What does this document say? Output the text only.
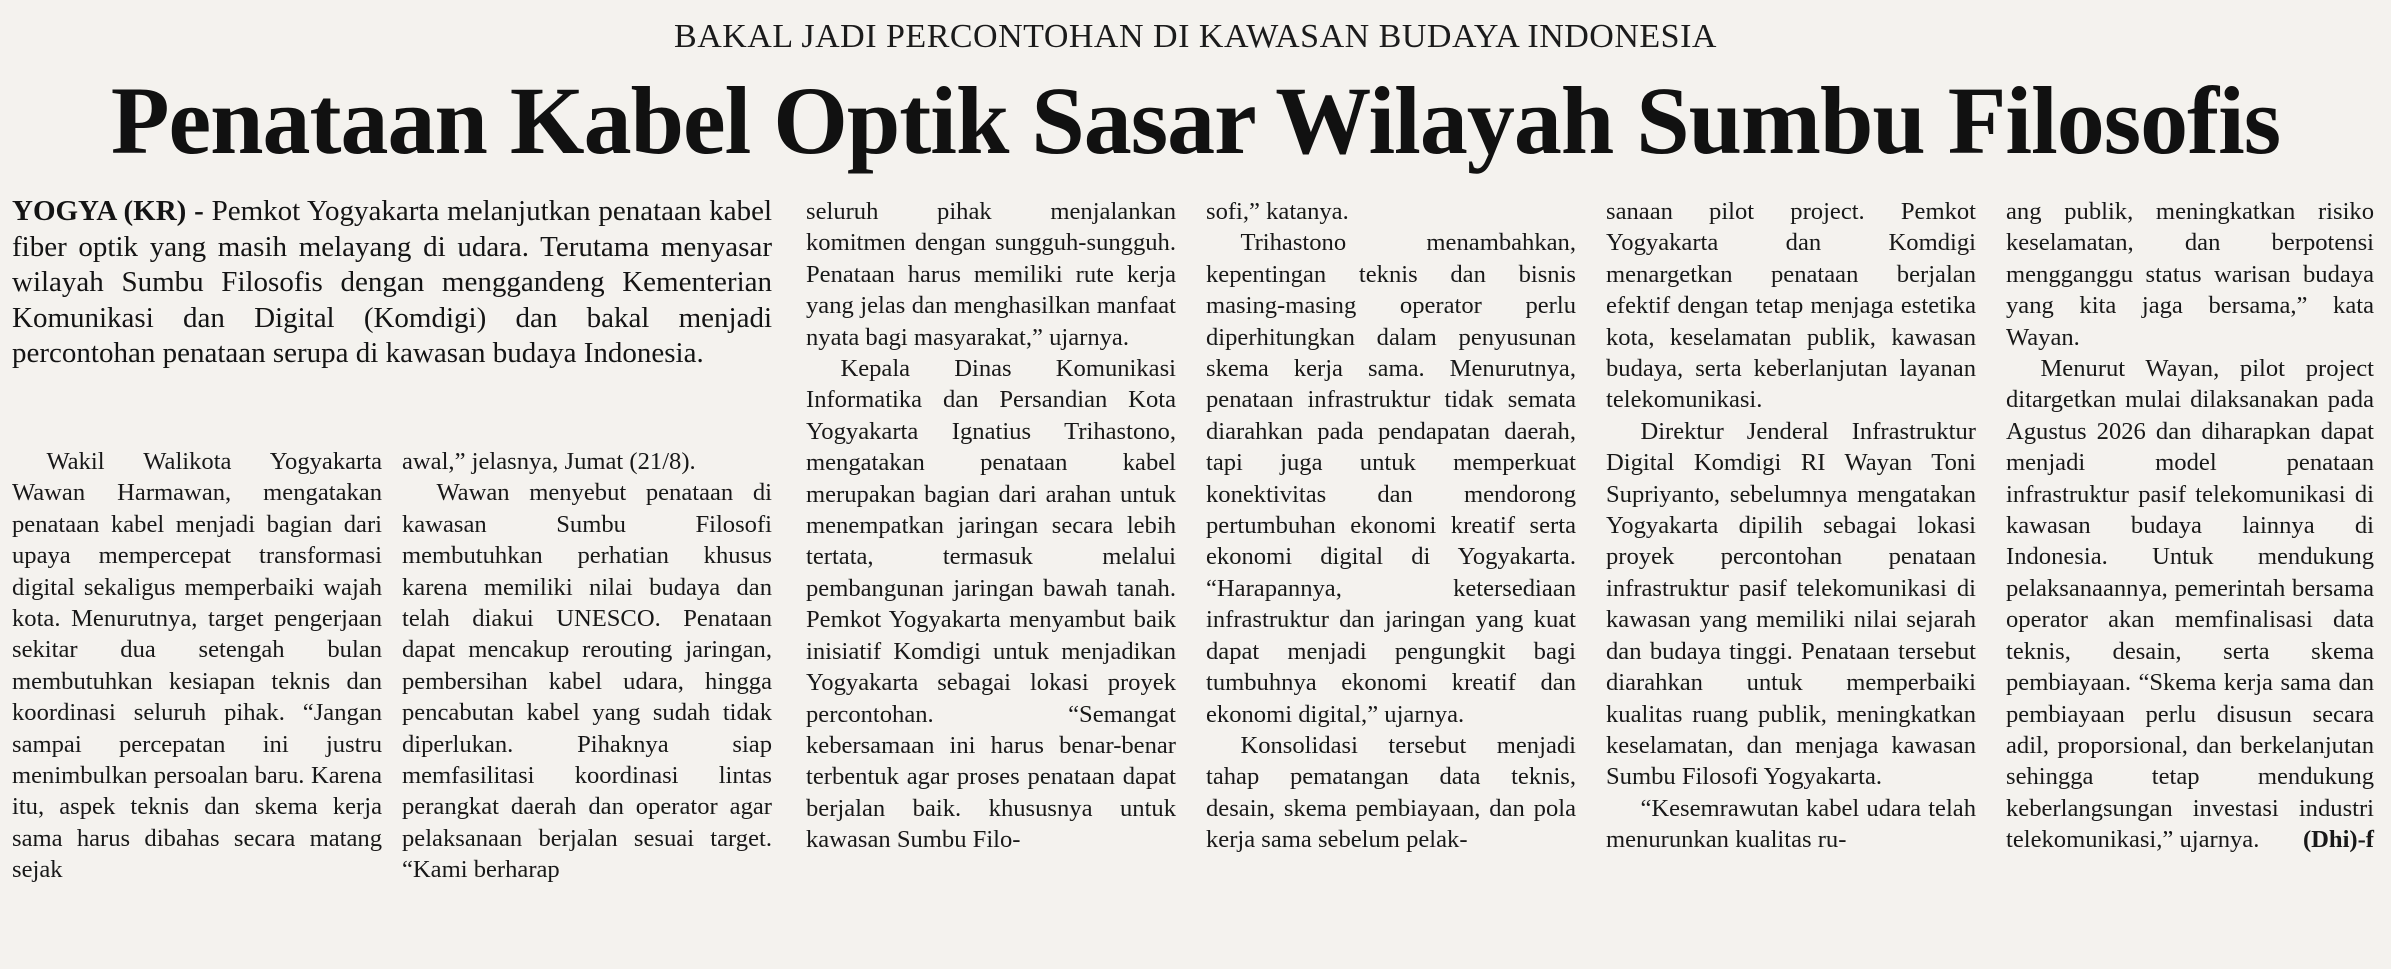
BAKAL JADI PERCONTOHAN DI KAWASAN BUDAYA INDONESIA
Penataan Kabel Optik Sasar Wilayah Sumbu Filosofis

YOGYA (KR) - Pemkot Yogyakarta melanjutkan penataan kabel fiber optik yang masih melayang di udara. Terutama menyasar wilayah Sumbu Filosofis dengan menggandeng Kementerian Komunikasi dan Digital (Komdigi) dan bakal menjadi percontohan penataan serupa di kawasan budaya Indonesia.

Wakil Walikota Yogyakarta Wawan Harmawan, mengatakan penataan kabel menjadi bagian dari upaya mempercepat transformasi digital sekaligus memperbaiki wajah kota. Menurutnya, target pengerjaan sekitar dua setengah bulan membutuhkan kesiapan teknis dan koordinasi seluruh pihak. “Jangan sampai percepatan ini justru menimbulkan persoalan baru. Karena itu, aspek teknis dan skema kerja sama harus dibahas secara matang sejak

awal,” jelasnya, Jumat (21/8).

Wawan menyebut penataan di kawasan Sumbu Filosofi membutuhkan perhatian khusus karena memiliki nilai budaya dan telah diakui UNESCO. Penataan dapat mencakup rerouting jaringan, pembersihan kabel udara, hingga pencabutan kabel yang sudah tidak diperlukan. Pihaknya siap memfasilitasi koordinasi lintas perangkat daerah dan operator agar pelaksanaan berjalan sesuai target. “Kami berharap

seluruh pihak menjalankan komitmen dengan sungguh-sungguh. Penataan harus memiliki rute kerja yang jelas dan menghasilkan manfaat nyata bagi masyarakat,” ujarnya.

Kepala Dinas Komunikasi Informatika dan Persandian Kota Yogyakarta Ignatius Trihastono, mengatakan penataan kabel merupakan bagian dari arahan untuk menempatkan jaringan secara lebih tertata, termasuk melalui pembangunan jaringan bawah tanah. Pemkot Yogyakarta menyambut baik inisiatif Komdigi untuk menjadikan Yogyakarta sebagai lokasi proyek percontohan. “Semangat kebersamaan ini harus benar-benar terbentuk agar proses penataan dapat berjalan baik. khususnya untuk kawasan Sumbu Filo-

sofi,” katanya.

Trihastono menambahkan, kepentingan teknis dan bisnis masing-masing operator perlu diperhitungkan dalam penyusunan skema kerja sama. Menurutnya, penataan infrastruktur tidak semata diarahkan pada pendapatan daerah, tapi juga untuk memperkuat konektivitas dan mendorong pertumbuhan ekonomi kreatif serta ekonomi digital di Yogyakarta. “Harapannya, ketersediaan infrastruktur dan jaringan yang kuat dapat menjadi pengungkit bagi tumbuhnya ekonomi kreatif dan ekonomi digital,” ujarnya.

Konsolidasi tersebut menjadi tahap pematangan data teknis, desain, skema pembiayaan, dan pola kerja sama sebelum pelak-

sanaan pilot project. Pemkot Yogyakarta dan Komdigi menargetkan penataan berjalan efektif dengan tetap menjaga estetika kota, keselamatan publik, kawasan budaya, serta keberlanjutan layanan telekomunikasi.

Direktur Jenderal Infrastruktur Digital Komdigi RI Wayan Toni Supriyanto, sebelumnya mengatakan Yogyakarta dipilih sebagai lokasi proyek percontohan penataan infrastruktur pasif telekomunikasi di kawasan yang memiliki nilai sejarah dan budaya tinggi. Penataan tersebut diarahkan untuk memperbaiki kualitas ruang publik, meningkatkan keselamatan, dan menjaga kawasan Sumbu Filosofi Yogyakarta.

“Kesemrawutan kabel udara telah menurunkan kualitas ru-

ang publik, meningkatkan risiko keselamatan, dan berpotensi mengganggu status warisan budaya yang kita jaga bersama,” kata Wayan.

Menurut Wayan, pilot project ditargetkan mulai dilaksanakan pada Agustus 2026 dan diharapkan dapat menjadi model penataan infrastruktur pasif telekomunikasi di kawasan budaya lainnya di Indonesia. Untuk mendukung pelaksanaannya, pemerintah bersama operator akan memfinalisasi data teknis, desain, serta skema pembiayaan. “Skema kerja sama dan pembiayaan perlu disusun secara adil, proporsional, dan berkelanjutan sehingga tetap mendukung keberlangsungan investasi industri telekomunikasi,” ujarnya.	(Dhi)-f
